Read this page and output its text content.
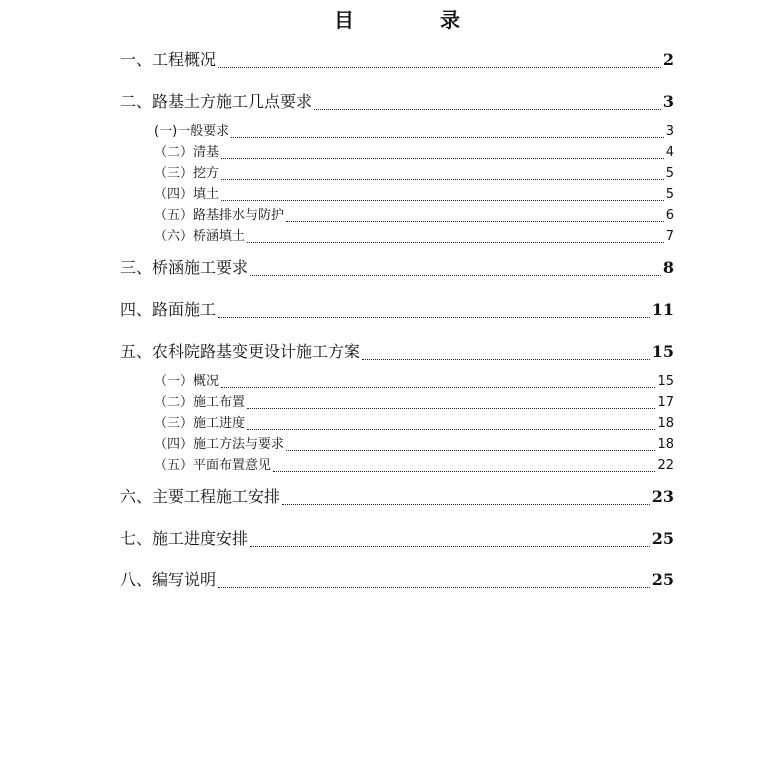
目	录
一、工程概况	2
二、路基土方施工几点要求	3
(一)一般要求	3
（二）清基	4
（三）挖方	5
（四）填土	5
（五）路基排水与防护	6
（六）桥涵填土	7
三、桥涵施工要求	8
四、路面施工	11
五、农科院路基变更设计施工方案	15
（一）概况	15
（二）施工布置	17
（三）施工进度	18
（四）施工方法与要求	18
（五）平面布置意见	22
六、主要工程施工安排	23
七、施工进度安排	25
八、编写说明	25
